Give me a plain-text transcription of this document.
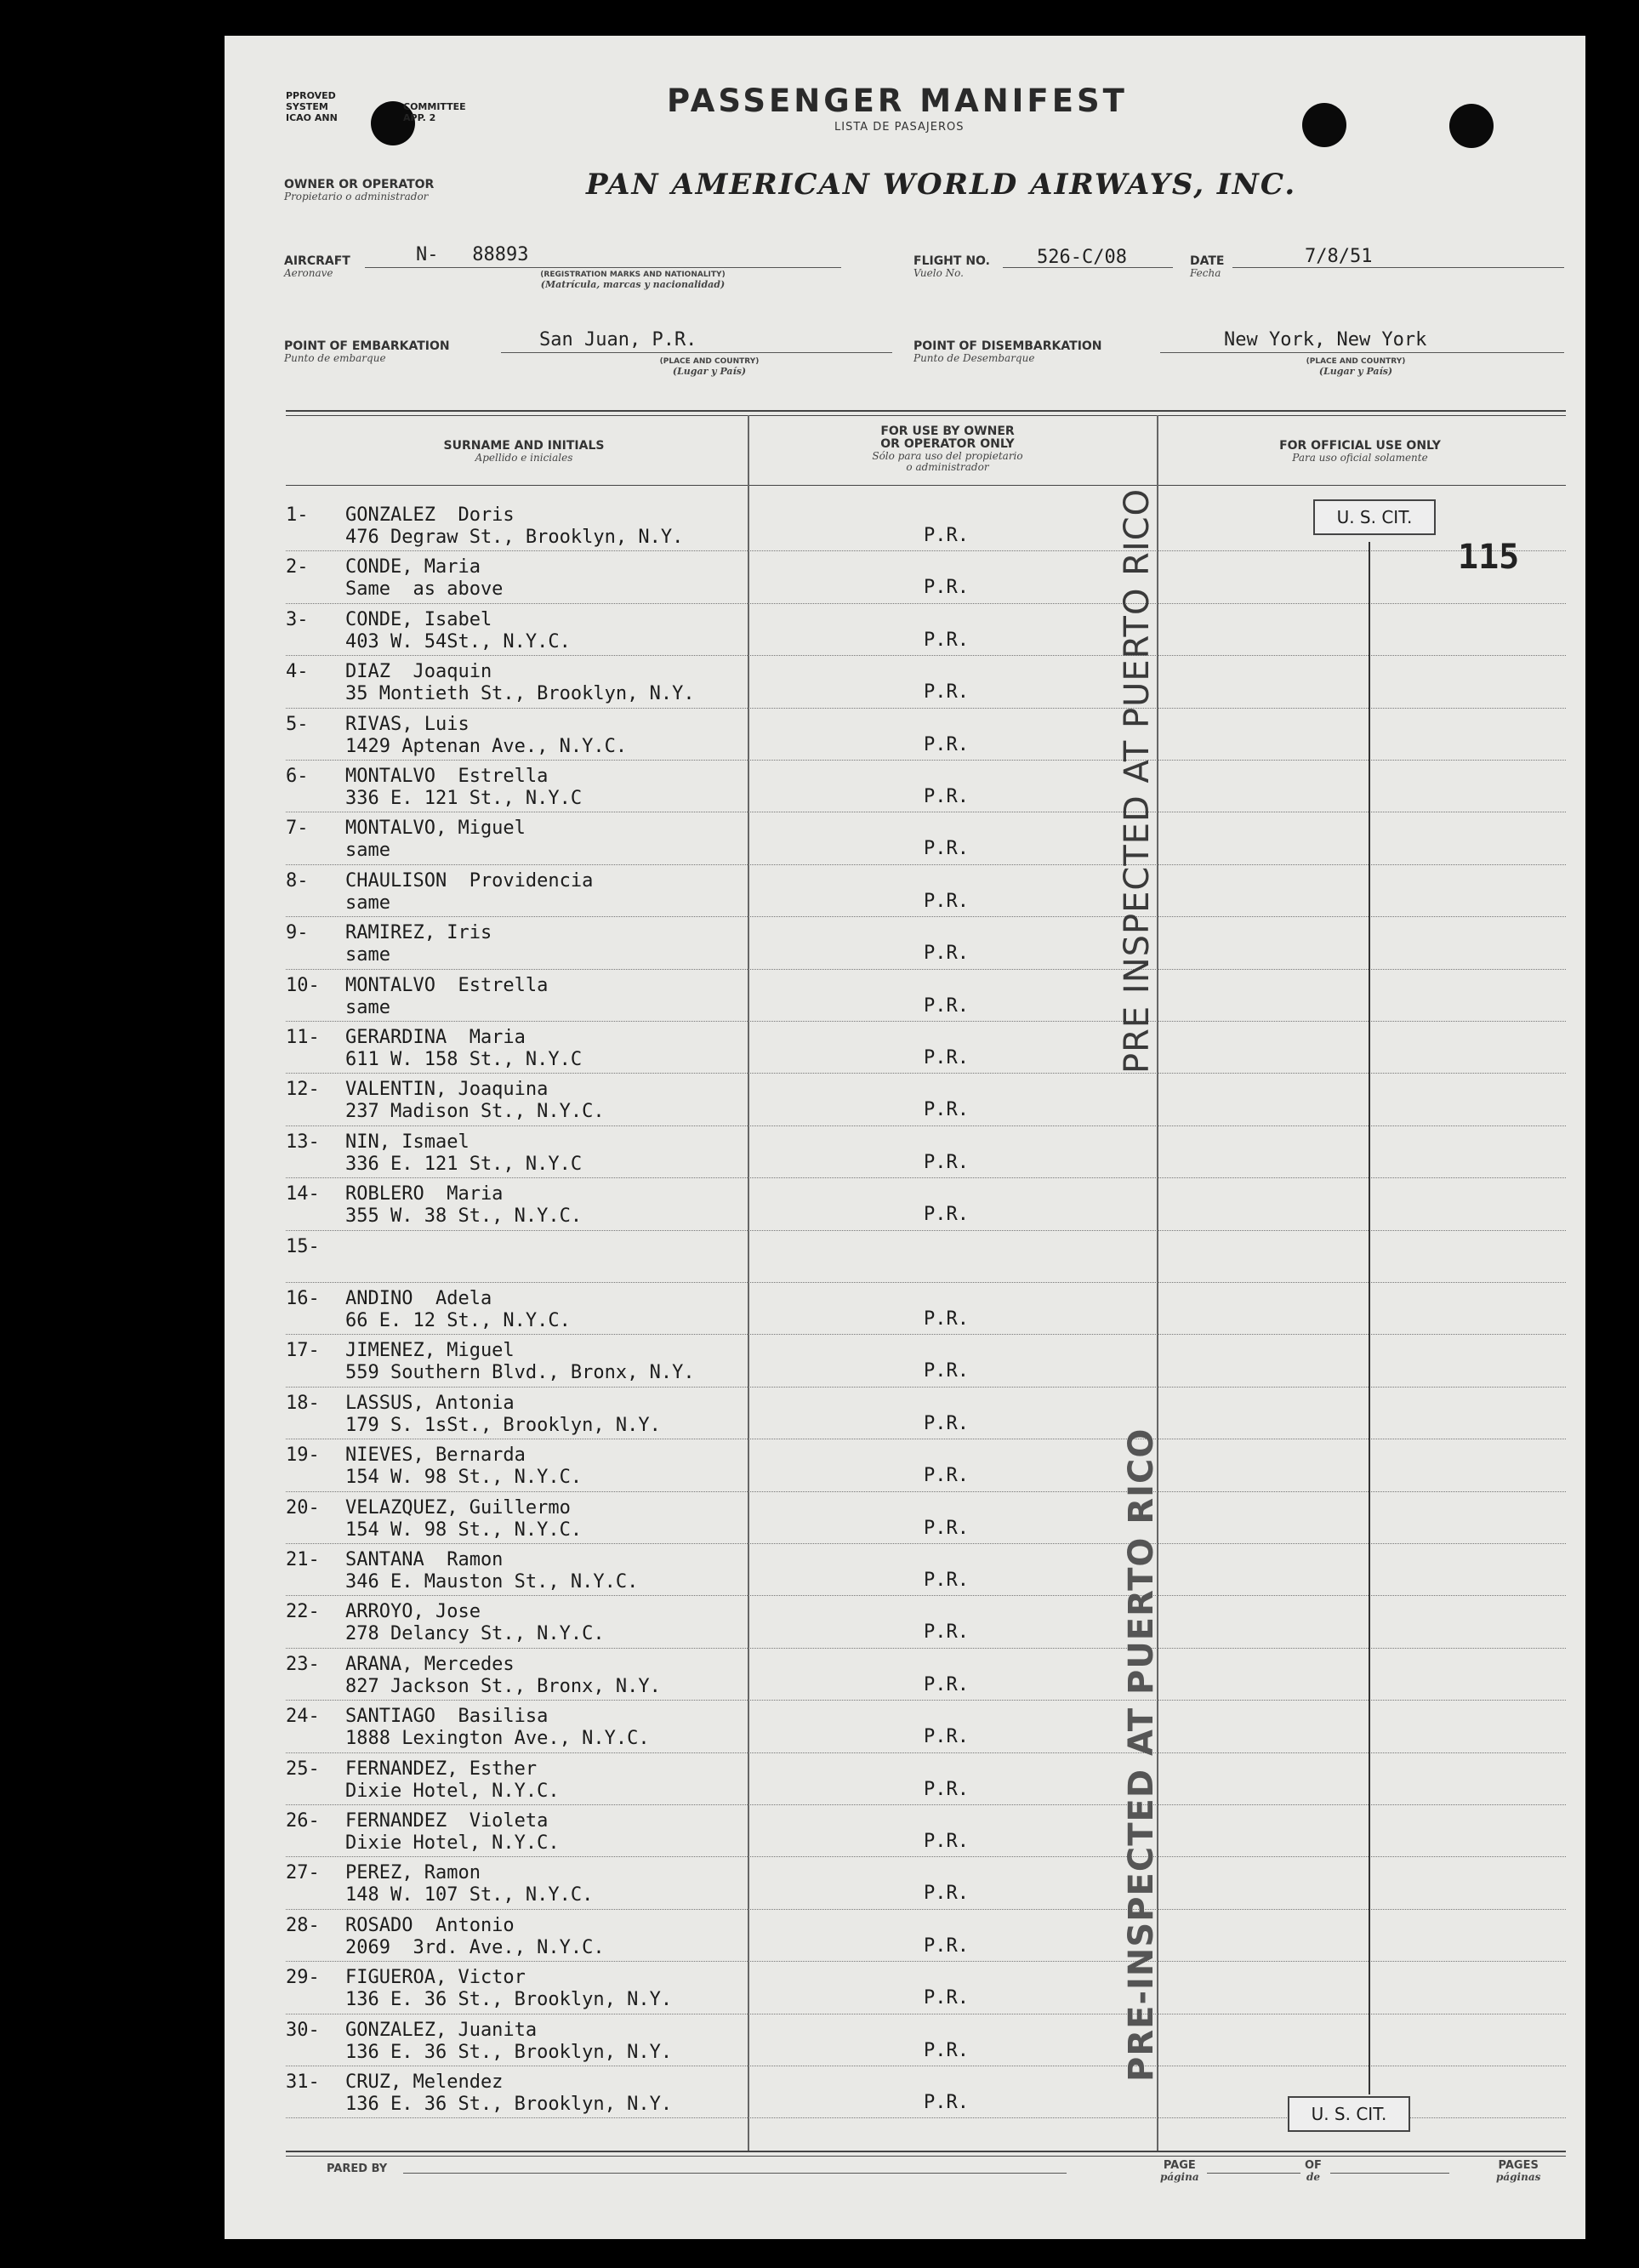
PPROVED
SYSTEM
ICAO ANN
COMMITTEE
APP. 2	PASSENGER MANIFEST
LISTA DE PASAJEROS
OWNER OR OPERATOR
Propietario o administrador	PAN AMERICAN WORLD AIRWAYS, INC.
AIRCRAFT
Aeronave
N-   88893
(REGISTRATION MARKS AND NATIONALITY)
(Matrícula, marcas y nacionalidad)
FLIGHT NO.
Vuelo No.
526-C/08	DATE
Fecha
7/8/51
POINT OF EMBARKATION
Punto de embarque
San Juan, P.R.
(PLACE AND COUNTRY)
(Lugar y País)
POINT OF DISEMBARKATION
Punto de Desembarque
New York, New York
(PLACE AND COUNTRY)
(Lugar y País)
SURNAME AND INITIALS
Apellido e iniciales
FOR USE BY OWNER
OR OPERATOR ONLY
Sólo para uso del propietario
o administrador
FOR OFFICIAL USE ONLY
Para uso oficial solamente
1-	GONZALEZ  Doris
476 Degraw St., Brooklyn, N.Y.	P.R.
2-	CONDE, Maria
Same  as above	P.R.
3-	CONDE, Isabel
403 W. 54St., N.Y.C.	P.R.
4-	DIAZ  Joaquin
35 Montieth St., Brooklyn, N.Y.	P.R.
5-	RIVAS, Luis
1429 Aptenan Ave., N.Y.C.	P.R.
6-	MONTALVO  Estrella
336 E. 121 St., N.Y.C	P.R.
7-	MONTALVO, Miguel
same	P.R.
8-	CHAULISON  Providencia
same	P.R.
9-	RAMIREZ, Iris
same	P.R.
10-	MONTALVO  Estrella
same	P.R.
11-	GERARDINA  Maria
611 W. 158 St., N.Y.C	P.R.
12-	VALENTIN, Joaquina
237 Madison St., N.Y.C.	P.R.
13-	NIN, Ismael
336 E. 121 St., N.Y.C	P.R.
14-	ROBLERO  Maria
355 W. 38 St., N.Y.C.	P.R.
15-
16-	ANDINO  Adela
66 E. 12 St., N.Y.C.	P.R.
17-	JIMENEZ, Miguel
559 Southern Blvd., Bronx, N.Y.	P.R.
18-	LASSUS, Antonia
179 S. 1sSt., Brooklyn, N.Y.	P.R.
19-	NIEVES, Bernarda
154 W. 98 St., N.Y.C.	P.R.
20-	VELAZQUEZ, Guillermo
154 W. 98 St., N.Y.C.	P.R.
21-	SANTANA  Ramon
346 E. Mauston St., N.Y.C.	P.R.
22-	ARROYO, Jose
278 Delancy St., N.Y.C.	P.R.
23-	ARANA, Mercedes
827 Jackson St., Bronx, N.Y.	P.R.
24-	SANTIAGO  Basilisa
1888 Lexington Ave., N.Y.C.	P.R.
25-	FERNANDEZ, Esther
Dixie Hotel, N.Y.C.	P.R.
26-	FERNANDEZ  Violeta
Dixie Hotel, N.Y.C.	P.R.
27-	PEREZ, Ramon
148 W. 107 St., N.Y.C.	P.R.
28-	ROSADO  Antonio
2069  3rd. Ave., N.Y.C.	P.R.
29-	FIGUEROA, Victor
136 E. 36 St., Brooklyn, N.Y.	P.R.
30-	GONZALEZ, Juanita
136 E. 36 St., Brooklyn, N.Y.	P.R.
31-	CRUZ, Melendez
136 E. 36 St., Brooklyn, N.Y.	P.R.
PRE INSPECTED AT PUERTO RICO
PRE-INSPECTED AT PUERTO RICO
U. S. CIT.
115
U. S. CIT.
PARED BY	PAGE
página
OF
de
PAGES
páginas
